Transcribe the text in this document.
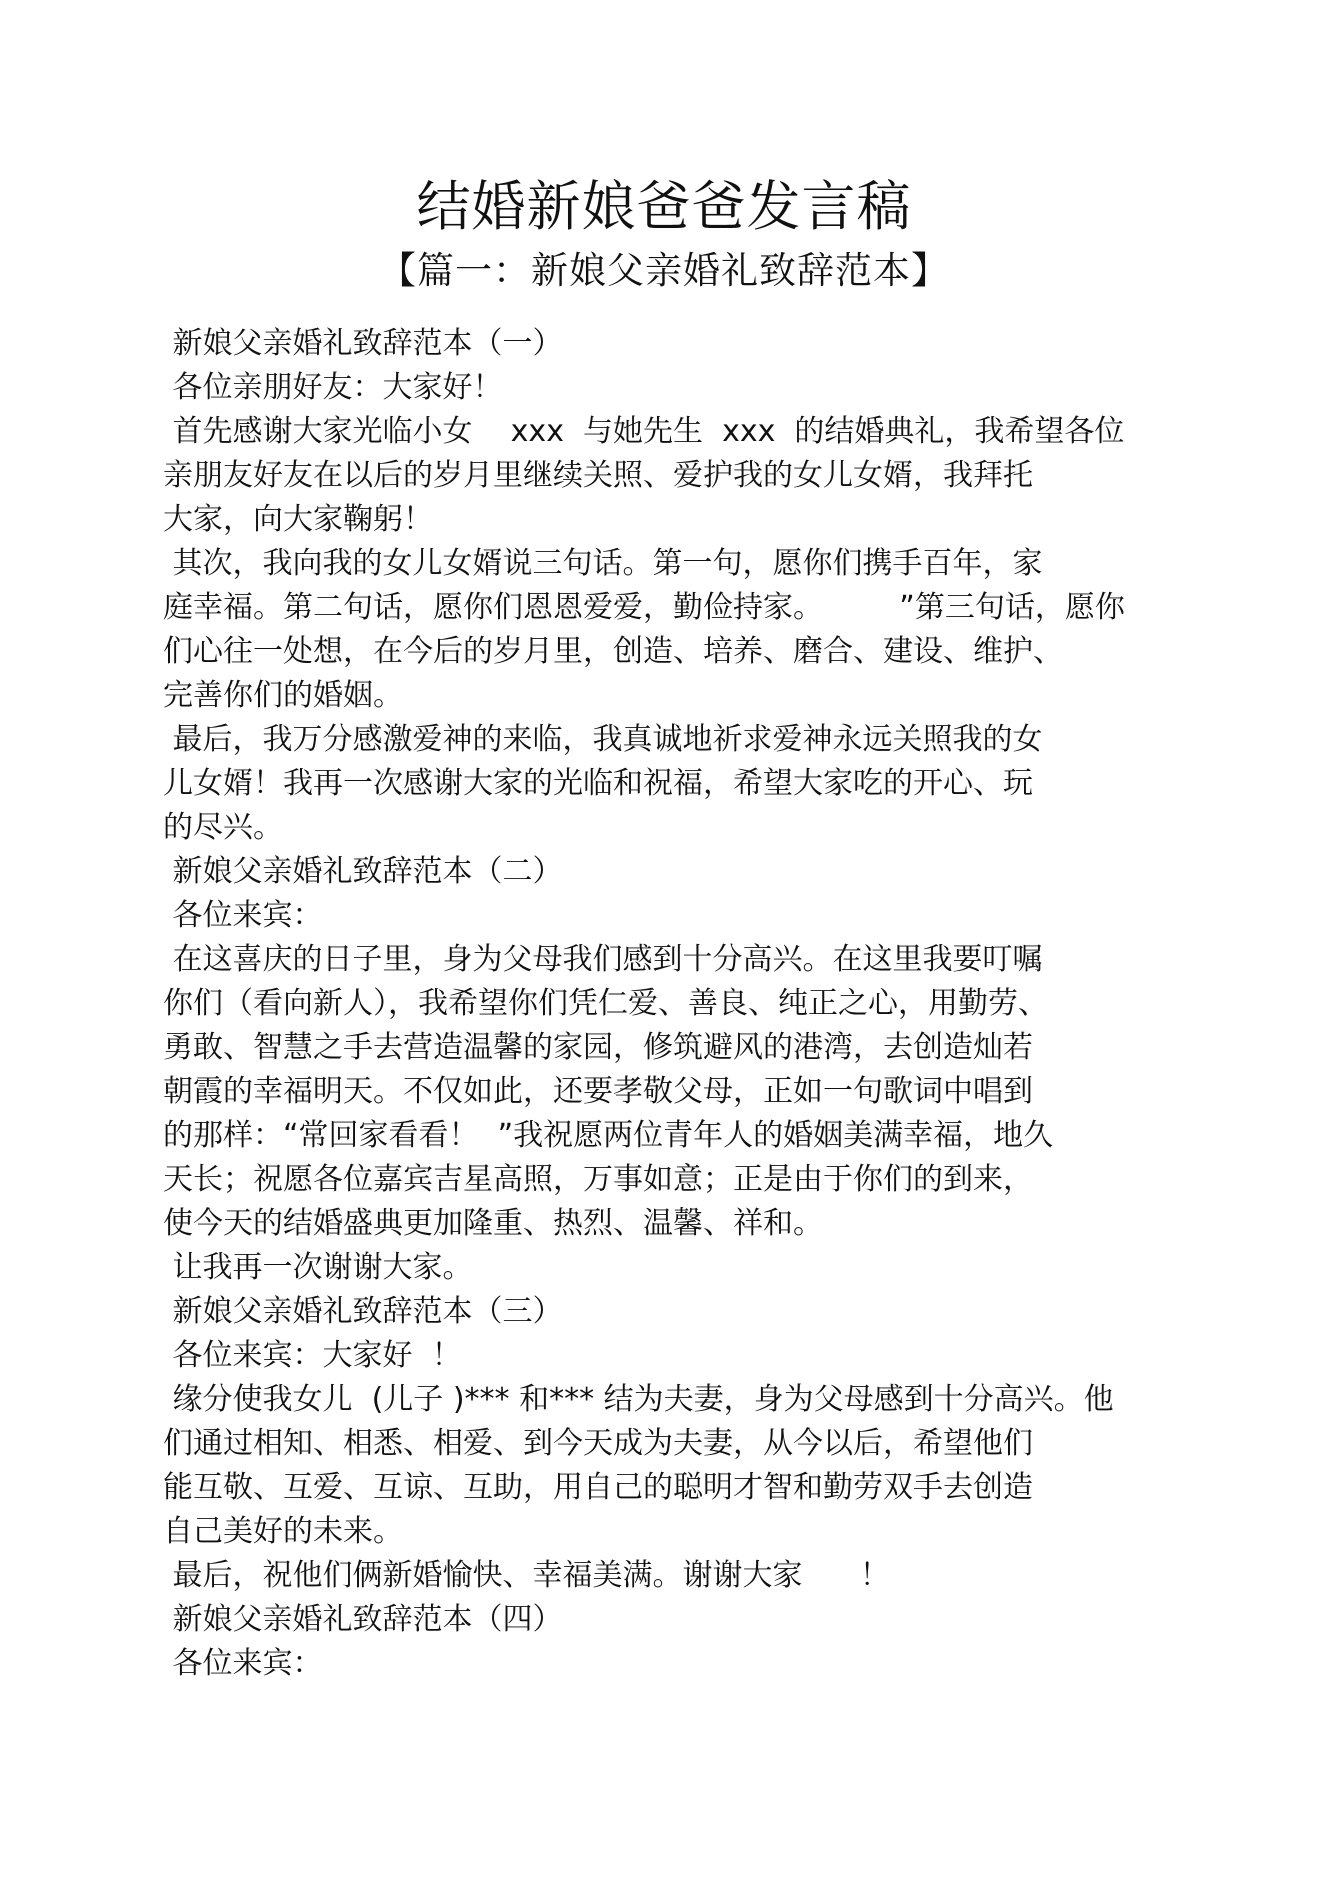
结婚新娘爸爸发言稿
【篇一：新娘父亲婚礼致辞范本】
新娘父亲婚礼致辞范本（一）
各位亲朋好友：大家好！
首先感谢大家光临小女    xxx  与她先生  xxx  的结婚典礼，我希望各位
亲朋友好友在以后的岁月里继续关照、爱护我的女儿女婿，我拜托
大家，向大家鞠躬！
其次，我向我的女儿女婿说三句话。第一句，愿你们携手百年，家
庭幸福。第二句话，愿你们恩恩爱爱，勤俭持家。        ”第三句话，愿你
们心往一处想，在今后的岁月里，创造、培养、磨合、建设、维护、
完善你们的婚姻。
最后，我万分感激爱神的来临，我真诚地祈求爱神永远关照我的女
儿女婿！我再一次感谢大家的光临和祝福，希望大家吃的开心、玩
的尽兴。
新娘父亲婚礼致辞范本（二）
各位来宾：
在这喜庆的日子里，身为父母我们感到十分高兴。在这里我要叮嘱
你们（看向新人），我希望你们凭仁爱、善良、纯正之心，用勤劳、
勇敢、智慧之手去营造温馨的家园，修筑避风的港湾，去创造灿若
朝霞的幸福明天。不仅如此，还要孝敬父母，正如一句歌词中唱到
的那样：“常回家看看！  ”我祝愿两位青年人的婚姻美满幸福，地久
天长；祝愿各位嘉宾吉星高照，万事如意；正是由于你们的到来，
使今天的结婚盛典更加隆重、热烈、温馨、祥和。
让我再一次谢谢大家。
新娘父亲婚礼致辞范本（三）
各位来宾：大家好  ！
缘分使我女儿  (儿子 )*** 和*** 结为夫妻，身为父母感到十分高兴。他
们通过相知、相悉、相爱、到今天成为夫妻，从今以后，希望他们
能互敬、互爱、互谅、互助，用自己的聪明才智和勤劳双手去创造
自己美好的未来。
最后，祝他们俩新婚愉快、幸福美满。谢谢大家      ！
新娘父亲婚礼致辞范本（四）
各位来宾：
